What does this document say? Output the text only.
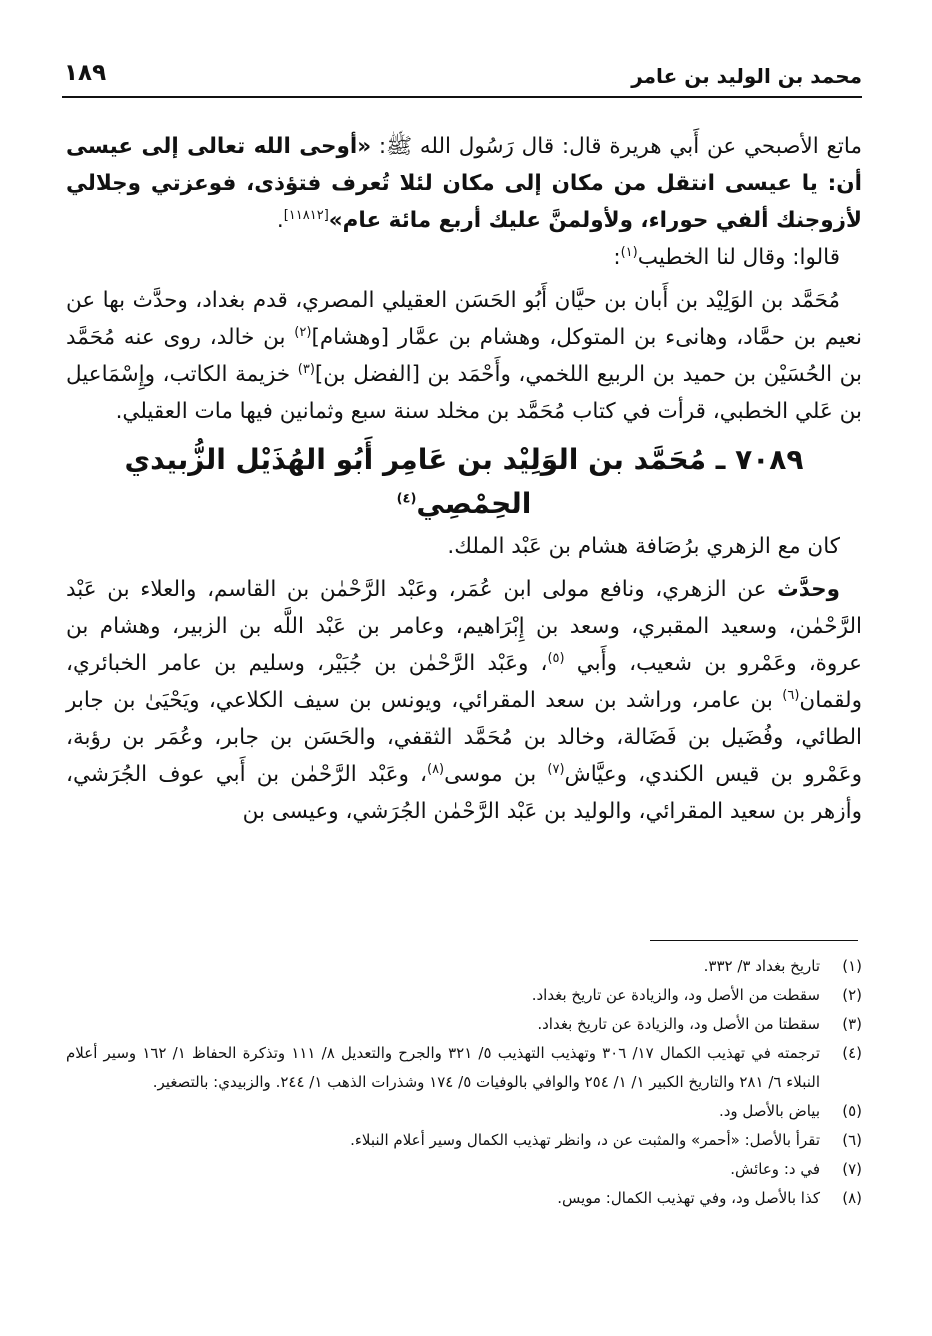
محمد بن الوليد بن عامر
١٨٩

ماتع الأصبحي عن أَبي هريرة قال: قال رَسُول الله ﷺ: «أوحى الله تعالى إلى عيسى أن: يا عيسى انتقل من مكان إلى مكان لئلا تُعرف فتؤذى، فوعزتي وجلالي لأزوجنك ألفي حوراء، ولأولمنَّ عليك أربع مائة عام»[١١٨١٢].

قالوا: وقال لنا الخطيب$^{(١)}$:

مُحَمَّد بن الوَلِيْد بن أَبان بن حيَّان أَبُو الحَسَن العقيلي المصري، قدم بغداد، وحدَّث بها عن نعيم بن حمَّاد، وهانىء بن المتوكل، وهشام بن عمَّار [وهشام]$^{(٢)}$ بن خالد، روى عنه مُحَمَّد بن الحُسَيْن بن حميد بن الربيع اللخمي، وأَحْمَد بن [الفضل بن]$^{(٣)}$ خزيمة الكاتب، وإِسْمَاعيل بن عَلي الخطبي، قرأت في كتاب مُحَمَّد بن مخلد سنة سبع وثمانين فيها مات العقيلي.

٧٠٨٩ ـ مُحَمَّد بن الوَلِيْد بن عَامِر أَبُو الهُذَيْل الزُّبيدي الحِمْصِي$^{(٤)}$

كان مع الزهري برُصَافة هشام بن عَبْد الملك.

وحدَّث عن الزهري، ونافع مولى ابن عُمَر، وعَبْد الرَّحْمٰن بن القاسم، والعلاء بن عَبْد الرَّحْمٰن، وسعيد المقبري، وسعد بن إِبْرَاهيم، وعامر بن عَبْد اللَّه بن الزبير، وهشام بن عروة، وعَمْرو بن شعيب، وأَبي $^{(٥)}$، وعَبْد الرَّحْمٰن بن جُبَيْر، وسليم بن عامر الخبائري، ولقمان$^{(٦)}$ بن عامر، وراشد بن سعد المقرائي، ويونس بن سيف الكلاعي، ويَحْيَىٰ بن جابر الطائي، وفُضَيل بن فَضَالة، وخالد بن مُحَمَّد الثقفي، والحَسَن بن جابر، وعُمَر بن رؤبة، وعَمْرو بن قيس الكندي، وعيَّاش$^{(٧)}$ بن موسى$^{(٨)}$، وعَبْد الرَّحْمٰن بن أَبي عوف الجُرَشي، وأزهر بن سعيد المقرائي، والوليد بن عَبْد الرَّحْمٰن الجُرَشي، وعيسى بن

(١)
تاريخ بغداد ٣/ ٣٣٢.
(٢)
سقطت من الأصل ود، والزيادة عن تاريخ بغداد.
(٣)
سقطتا من الأصل ود، والزيادة عن تاريخ بغداد.
(٤)
ترجمته في تهذيب الكمال ١٧/ ٣٠٦ وتهذيب التهذيب ٥/ ٣٢١ والجرح والتعديل ٨/ ١١١ وتذكرة الحفاظ ١/ ١٦٢ وسير أعلام النبلاء ٦/ ٢٨١ والتاريخ الكبير ١/ ١/ ٢٥٤ والوافي بالوفيات ٥/ ١٧٤ وشذرات الذهب ١/ ٢٤٤. والزبيدي: بالتصغير.
(٥)
بياض بالأصل ود.
(٦)
تقرأ بالأصل: «أحمر» والمثبت عن د، وانظر تهذيب الكمال وسير أعلام النبلاء.
(٧)
في د: وعائش.
(٨)
كذا بالأصل ود، وفي تهذيب الكمال: مويس.
